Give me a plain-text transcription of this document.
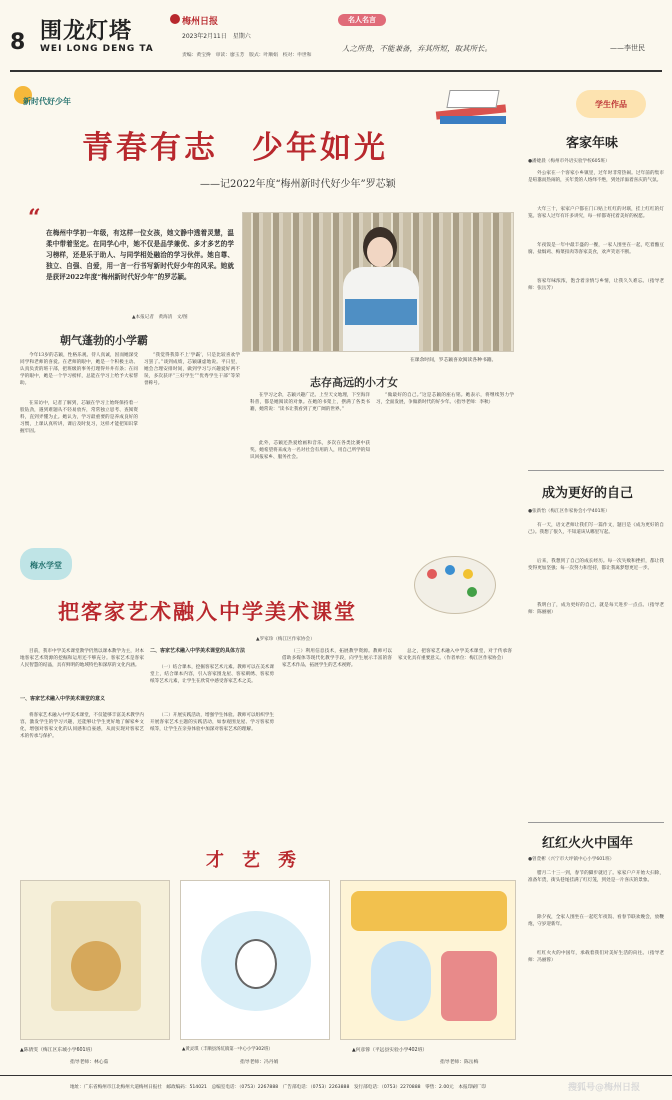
8 围龙灯塔
WEI LONG DENG TA
梅州日报
2023年2月11日　星期六
责编：黄宝搀　审读：廖玉芳　版式：叶顺娟　校对：申世和
名人名言
人之所贵，不能兼备，弃其所短，取其所长。	——李世民
新时代好少年
青春有志　少年如光
——记2022年度“梅州新时代好少年”罗芯颖
“

在梅州中学初一年级，有这样一位女孩，她文静中透着灵慧，温柔中带着坚定。在同学心中，她不仅是品学兼优、多才多艺的学习榜样，还是乐于助人、与同学相处融洽的学习伙伴。她自尊、独立、自强、自爱，用一言一行书写新时代好少年的风采。她就是获评2022年度“梅州新时代好少年”的罗芯颖。

▲本报记者　黄海清　文/图
在课余时间，罗芯颖喜欢阅读各种书籍。
朝气蓬勃的小学霸

今年13岁的芯颖，性格乐观、待人真诚，因而她深受同学和老师的喜爱。在老师的眼中，她是一个积极主动、认真负责的班干部，把班级的事务打理得井井有条；在同学的眼中，她是一个学习榜样，总能在学习上给予大家帮助。

在采访中，记者了解到，芯颖在学习上始终保持着一股钻劲，遇到难题从不轻易放弃，常常独立思考、查阅资料，直到弄懂为止。她认为，学习最重要的是养成良好的习惯，上课认真听讲，课后及时复习，这样才能把知识掌握牢固。

“我觉得我算不上‘学霸’，只是比较喜欢学习罢了。”谈到成绩，芯颖谦虚地说。平日里，她会合理安排时间，做到学习与兴趣爱好两不误，多次获评“三好学生”“优秀学生干部”等荣誉称号。	志存高远的小才女

在学习之余，芯颖兴趣广泛。上至天文地理，下至海洋科普，都是她阅读的对象。在她的书架上，摆满了各类书籍，她常说：“读书让我看到了更广阔的世界。”

此外，芯颖还热爱绘画和音乐，多次在各类比赛中获奖。她希望将来成为一名对社会有用的人，用自己所学的知识回报家乡、服务社会。

“做最好的自己。”这是芯颖的座右铭。她表示，将继续努力学习，全面发展，争做新时代的好少年。（指导老师：李秋）

梅水学堂
把客家艺术融入中学美术课堂
▲罗家珍（梅江区作家协会）

目前，我市中学美术课堂教学仍然以课本教学为主，对本地客家艺术资源的挖掘和运用还不够充分。客家艺术是客家人民智慧的结晶，具有鲜明的地域特色和深厚的文化内涵。

一、客家艺术融入中学美术课堂的意义

将客家艺术融入中学美术课堂，不仅能够丰富美术教学内容，激发学生的学习兴趣，还能够让学生更好地了解家乡文化，增强对客家文化的认同感和自豪感，从而实现对客家艺术的传承与保护。

二、客家艺术融入中学美术课堂的具体方法

（一）结合课本，挖掘客家艺术元素。教师可以在美术课堂上，结合课本内容，引入客家围龙屋、客家刺绣、客家剪纸等艺术元素，让学生在欣赏中感受客家艺术之美。

（二）开展实践活动，增强学生体验。教师可以组织学生开展客家艺术主题的实践活动，如参观围龙屋、学习客家剪纸等，让学生在亲身体验中加深对客家艺术的理解。

（三）利用信息技术，拓展教学资源。教师可以借助多媒体等现代化教学手段，向学生展示丰富的客家艺术作品，拓展学生的艺术视野。

总之，把客家艺术融入中学美术课堂，对于传承客家文化具有重要意义。（作者单位：梅江区作家协会）

才艺秀
▲陈倩雯（梅江区东城小学601班）
指导老师：林心茹
▲黄灵琪（丰顺县汤坑镇第一中心小学302班）
指导老师：冯丹娟
▲何彦蓉（平远县实验小学402班）
指导老师：陈岳梅
学生作品
客家年味
●潘婕晨（梅州市外语实验学校605班）

外公家在一个客家小乡镇里，过年时非常热闹。过年前的集市是喧嚣而热闹的，买年货的人络绎不绝，到处洋溢着喜庆的气氛。

大年三十，家家户户都在门口贴上红红的对联，挂上红红的灯笼。客家人过年有许多讲究，每一样都寄托着美好的祝愿。

年夜饭是一年中最丰盛的一餐，一家人围坐在一起，吃着酿豆腐、盐焗鸡、梅菜扣肉等客家美食，欢声笑语不断。

客家年味浓浓，饱含着亲情与乡情，让我久久难忘。（指导老师：张岳芳）

成为更好的自己
●张新怡（梅江区作家协会小学401班）

有一天，语文老师让我们写一篇作文，题目是《成为更好的自己》。我想了很久，不知道该从哪里写起。

后来，我想到了自己的成长经历。每一次失败和挫折，都让我变得更加坚强；每一次努力和坚持，都让我离梦想更近一步。

我明白了，成为更好的自己，就是每天进步一点点。（指导老师：陈丽丽）

红红火火中国年
●曾萱彬（兴宁市大坪镇中心小学601班）

腊月二十三一到，春节的脚步就近了。家家户户开始大扫除，准备年货，街头巷尾挂满了红灯笼，到处是一片喜庆的景象。

除夕夜，全家人围坐在一起吃年夜饭、看春节联欢晚会，放鞭炮，守岁迎新年。

红红火火的中国年，承载着我们对美好生活的向往。（指导老师：冯丽蓉）

地址：广东省梅州市江北梅州大道梅州日报社　邮政编码：514021　总编室电话：（0753）2267888　广告部电话：（0753）2263888　发行部电话：（0753）2270888　零售：2.00元　本报印刷厂印	搜狐号@梅州日报
